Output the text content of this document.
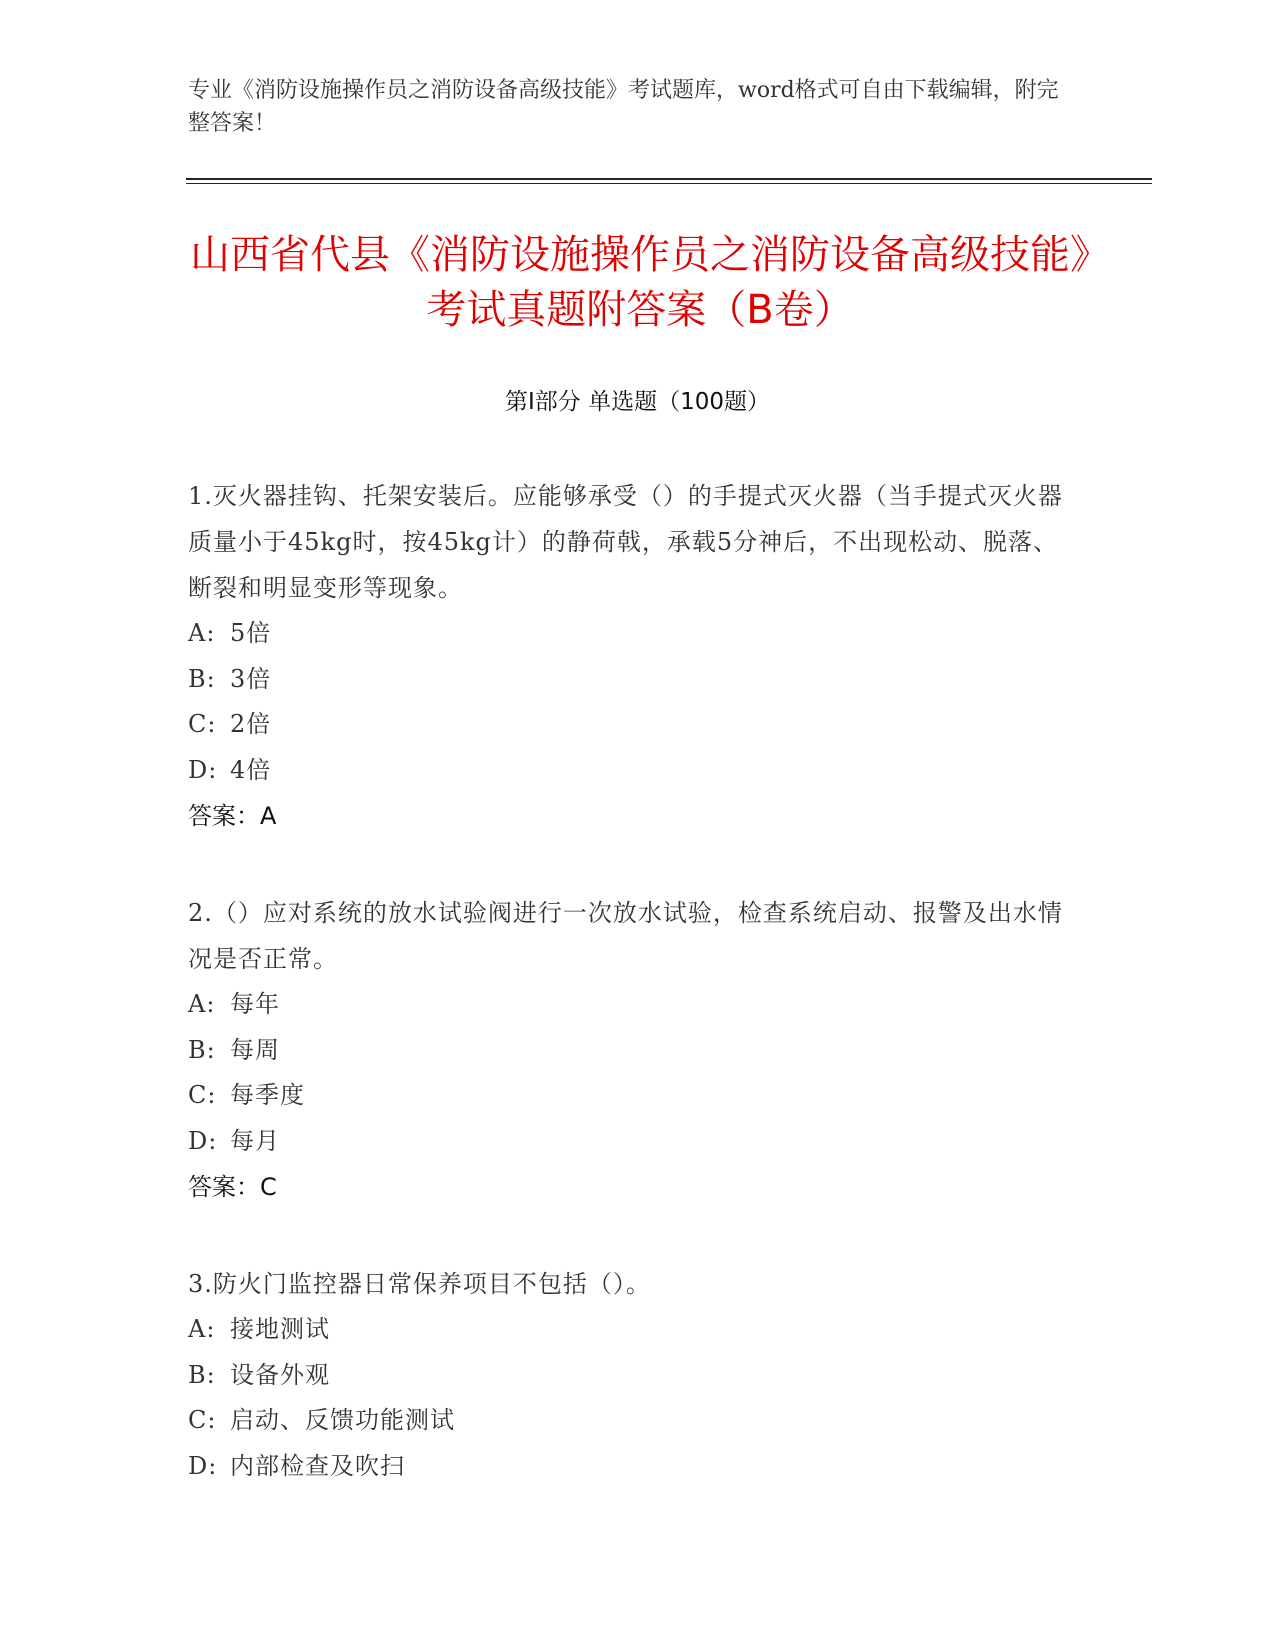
专业《消防设施操作员之消防设备高级技能》考试题库，word格式可自由下载编辑，附完整答案！
山西省代县《消防设施操作员之消防设备高级技能》考试真题附答案（B卷）
第I部分 单选题（100题）
1.灭火器挂钩、托架安装后。应能够承受（）的手提式灭火器（当手提式灭火器质量小于45kg时，按45kg计）的静荷戟，承载5分神后，不出现松动、脱落、断裂和明显变形等现象。
A: 5倍
B: 3倍
C: 2倍
D: 4倍
答案：A
2.（）应对系统的放水试验阀进行一次放水试验，检查系统启动、报警及出水情况是否正常。
A: 每年
B: 每周
C: 每季度
D: 每月
答案：C
3.防火门监控器日常保养项目不包括（）。
A: 接地测试
B: 设备外观
C: 启动、反馈功能测试
D: 内部检查及吹扫
